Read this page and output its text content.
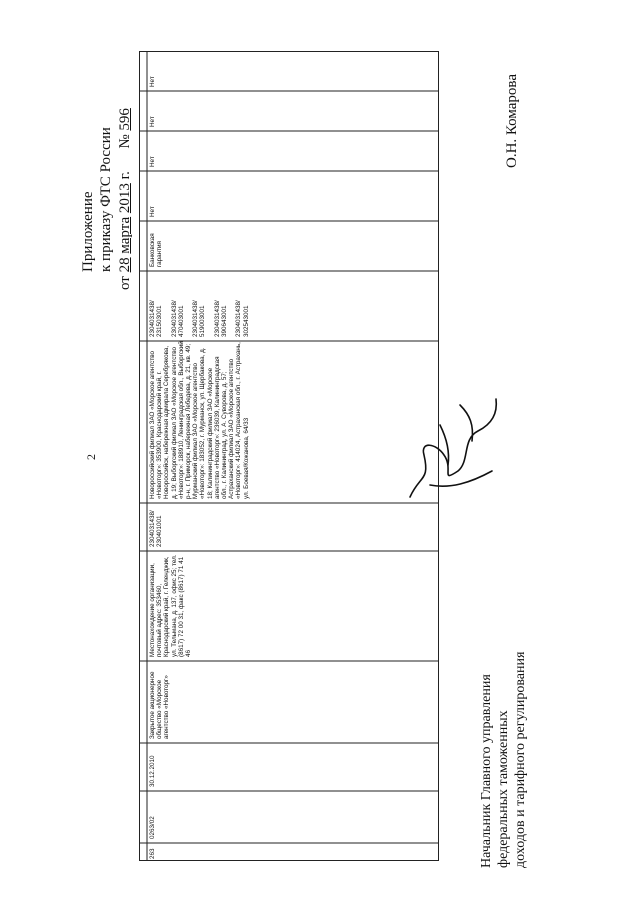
2
Приложение к приказу ФТС России
от 28 марта 2013 г.      № 596
263
0263/02
30.12.2010
Закрытое акционерное общество «Морское агентство «Новоторг»
Местонахождение организации, почтовый адрес: 353460, Краснодарский край, г. Геленджик, ул. Тельмана, д. 137, офис 25; тел. (8617) 72 00 31, факс (8617) 71 41 46
2304031438/ 230401001
Новороссийский филиал ЗАО «Морское агентство «Новоторг»: 353900, Краснодарский край, г. Новороссийск, набережная адмирала Серебрякова, д. 19; Выборгский филиал ЗАО «Морское агентство «Новоторг»: 188910, Ленинградская обл., Выборгский р-н, г. Приморск, набережная Лебедева, д. 21, кв. 49; Мурманский филиал ЗАО «Морское агентство «Новоторг»: 183052, г. Мурманск, ул. Щербакова, д. 18; Калининградский филиал ЗАО «Морское агентство «Новоторг»: 236039, Калининградская обл., г. Калининград, ул. А. Суворова, д. 57; Астраханский филиал ЗАО «Морское агентство «Новоторг»: 414024, Астраханская обл., г. Астрахань, ул. Боевая/Кожанова, 64/33
2304031438/ 231503001

2304031438/ 470403001

2304031438/ 519003001

2304031438/ 390643001

2304031438/ 302543001
Банковская гарантия
Нет
Нет
Нет
Нет
Начальник Главного управления федеральных таможенных доходов и тарифного регулирования
О.Н. Комарова
